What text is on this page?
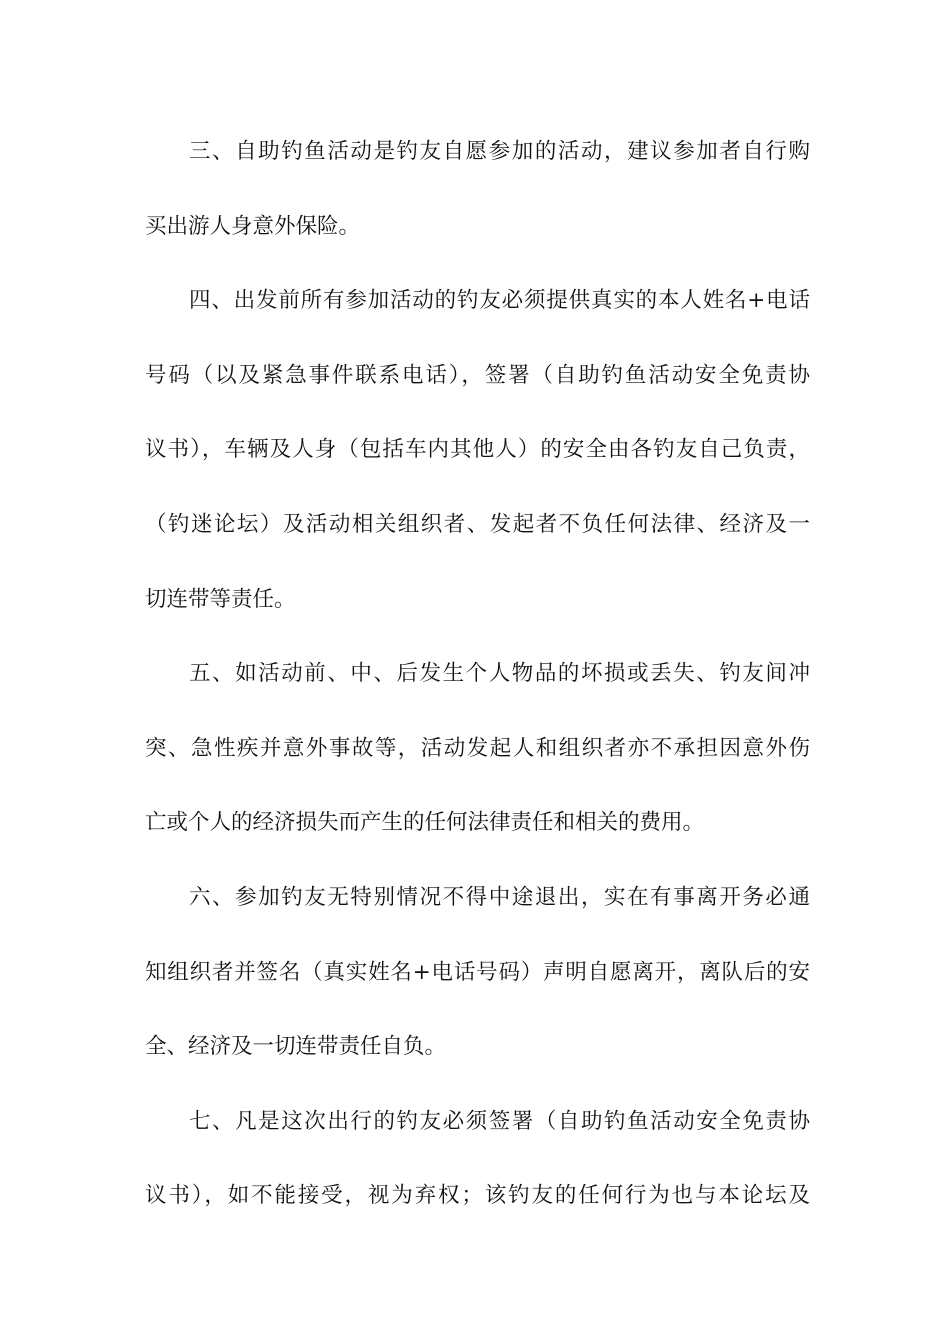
三、自助钓鱼活动是钓友自愿参加的活动，建议参加者自行购
买出游人身意外保险。
四、出发前所有参加活动的钓友必须提供真实的本人姓名+电话
号码（以及紧急事件联系电话），签署（自助钓鱼活动安全免责协
议书），车辆及人身（包括车内其他人）的安全由各钓友自己负责，
（钓迷论坛）及活动相关组织者、发起者不负任何法律、经济及一
切连带等责任。
五、如活动前、中、后发生个人物品的坏损或丢失、钓友间冲
突、急性疾并意外事故等，活动发起人和组织者亦不承担因意外伤
亡或个人的经济损失而产生的任何法律责任和相关的费用。
六、参加钓友无特别情况不得中途退出，实在有事离开务必通
知组织者并签名（真实姓名+电话号码）声明自愿离开，离队后的安
全、经济及一切连带责任自负。
七、凡是这次出行的钓友必须签署（自助钓鱼活动安全免责协
议书），如不能接受，视为弃权；该钓友的任何行为也与本论坛及
